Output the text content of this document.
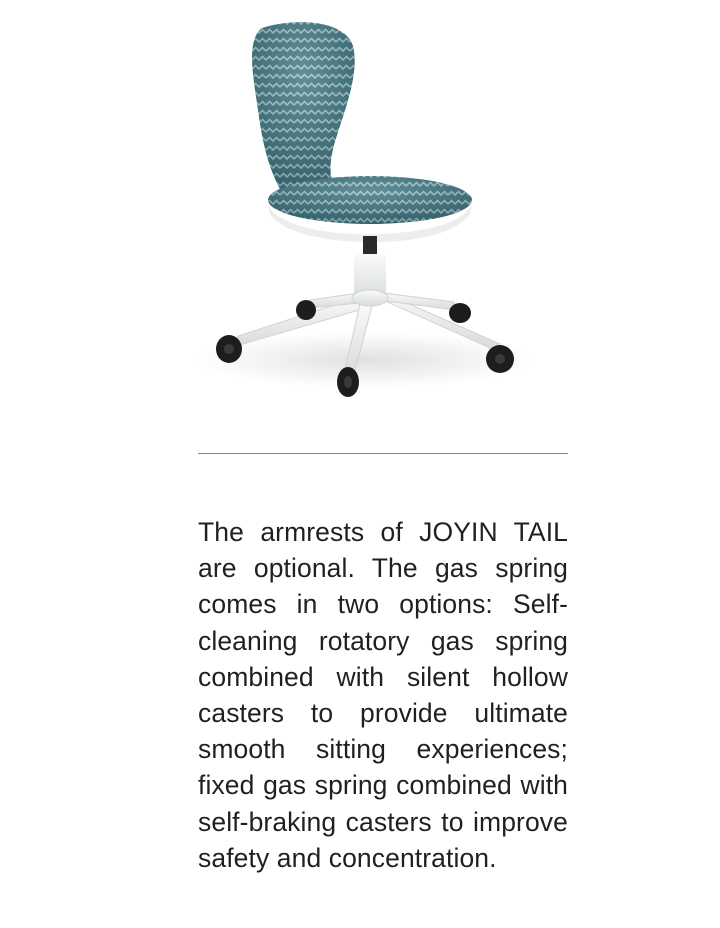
The armrests of JOYIN TAIL are optional. The gas spring comes in two options: Self-cleaning rotatory gas spring combined with silent hollow casters to provide ultimate smooth sitting experiences; fixed gas spring combined with self-braking casters to improve safety and concentration.
